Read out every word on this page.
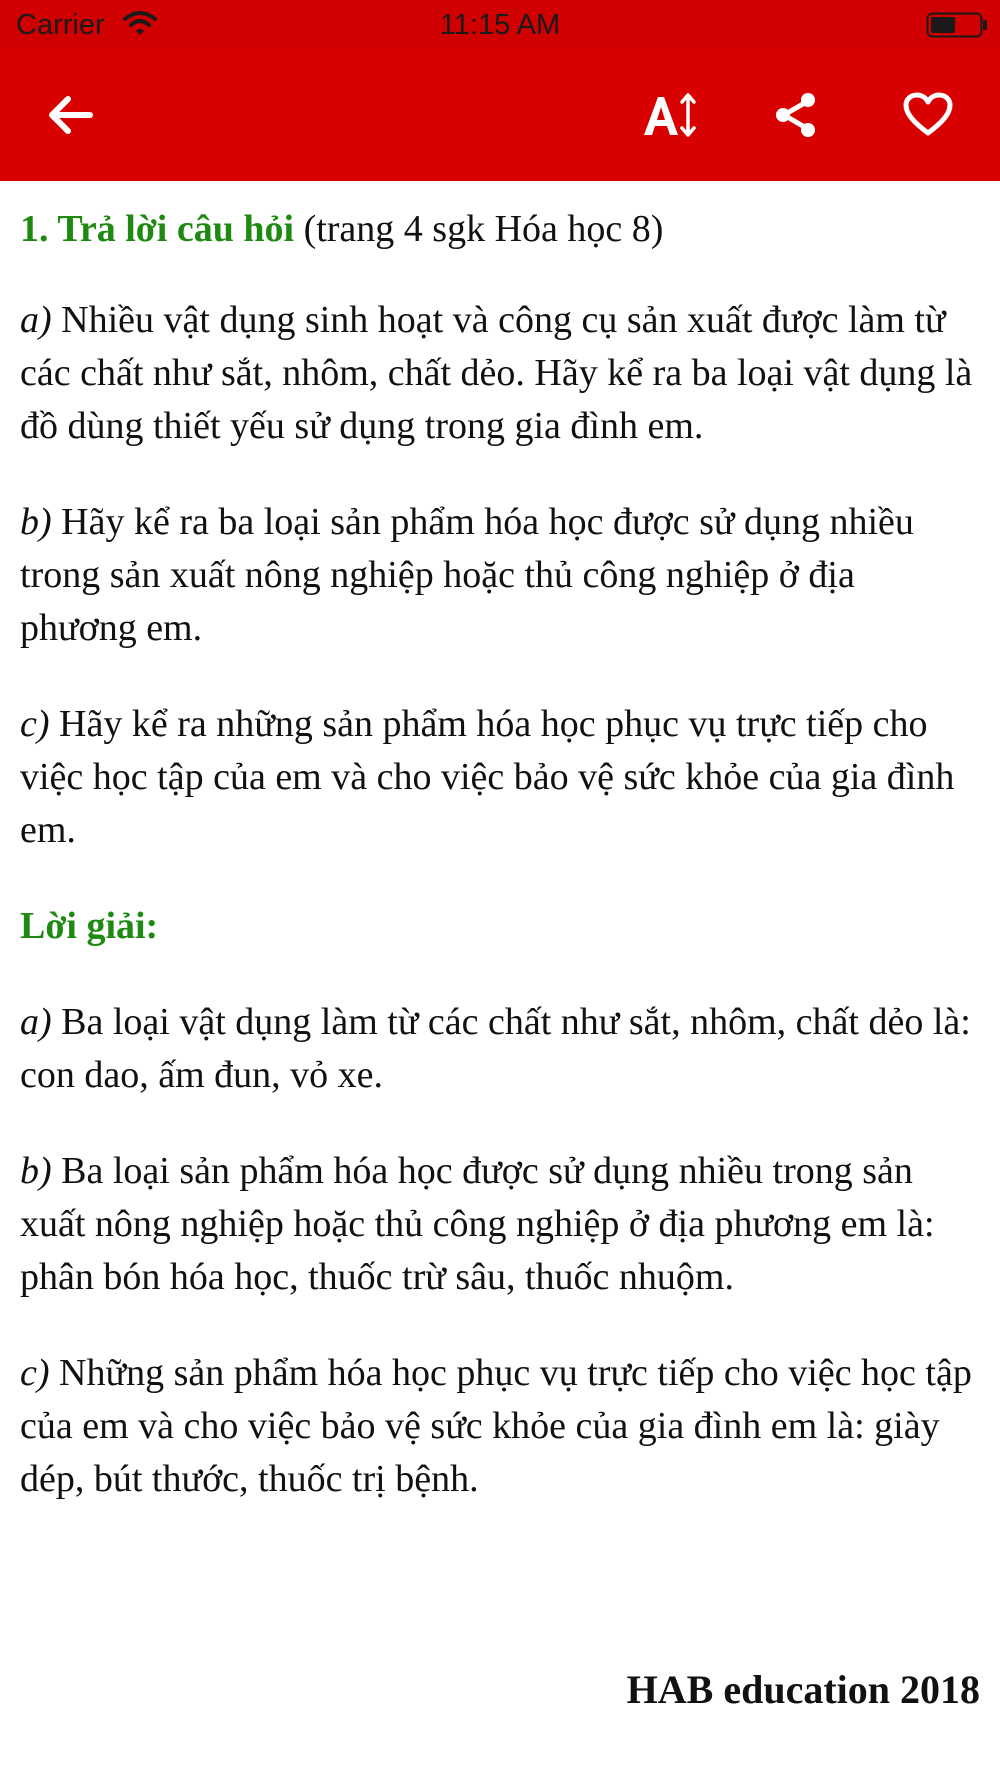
Carrier	11:15 AM

1. Trả lời câu hỏi (trang 4 sgk Hóa học 8)

a) Nhiều vật dụng sinh hoạt và công cụ sản xuất được làm từ các chất như sắt, nhôm, chất dẻo. Hãy kể ra ba loại vật dụng là đồ dùng thiết yếu sử dụng trong gia đình em.

b) Hãy kể ra ba loại sản phẩm hóa học được sử dụng nhiều trong sản xuất nông nghiệp hoặc thủ công nghiệp ở địa phương em.

c) Hãy kể ra những sản phẩm hóa học phục vụ trực tiếp cho việc học tập của em và cho việc bảo vệ sức khỏe của gia đình em.

Lời giải:

a) Ba loại vật dụng làm từ các chất như sắt, nhôm, chất dẻo là: con dao, ấm đun, vỏ xe.

b) Ba loại sản phẩm hóa học được sử dụng nhiều trong sản xuất nông nghiệp hoặc thủ công nghiệp ở địa phương em là: phân bón hóa học, thuốc trừ sâu, thuốc nhuộm.

c) Những sản phẩm hóa học phục vụ trực tiếp cho việc học tập của em và cho việc bảo vệ sức khỏe của gia đình em là: giày dép, bút thước, thuốc trị bệnh.

HAB education 2018
